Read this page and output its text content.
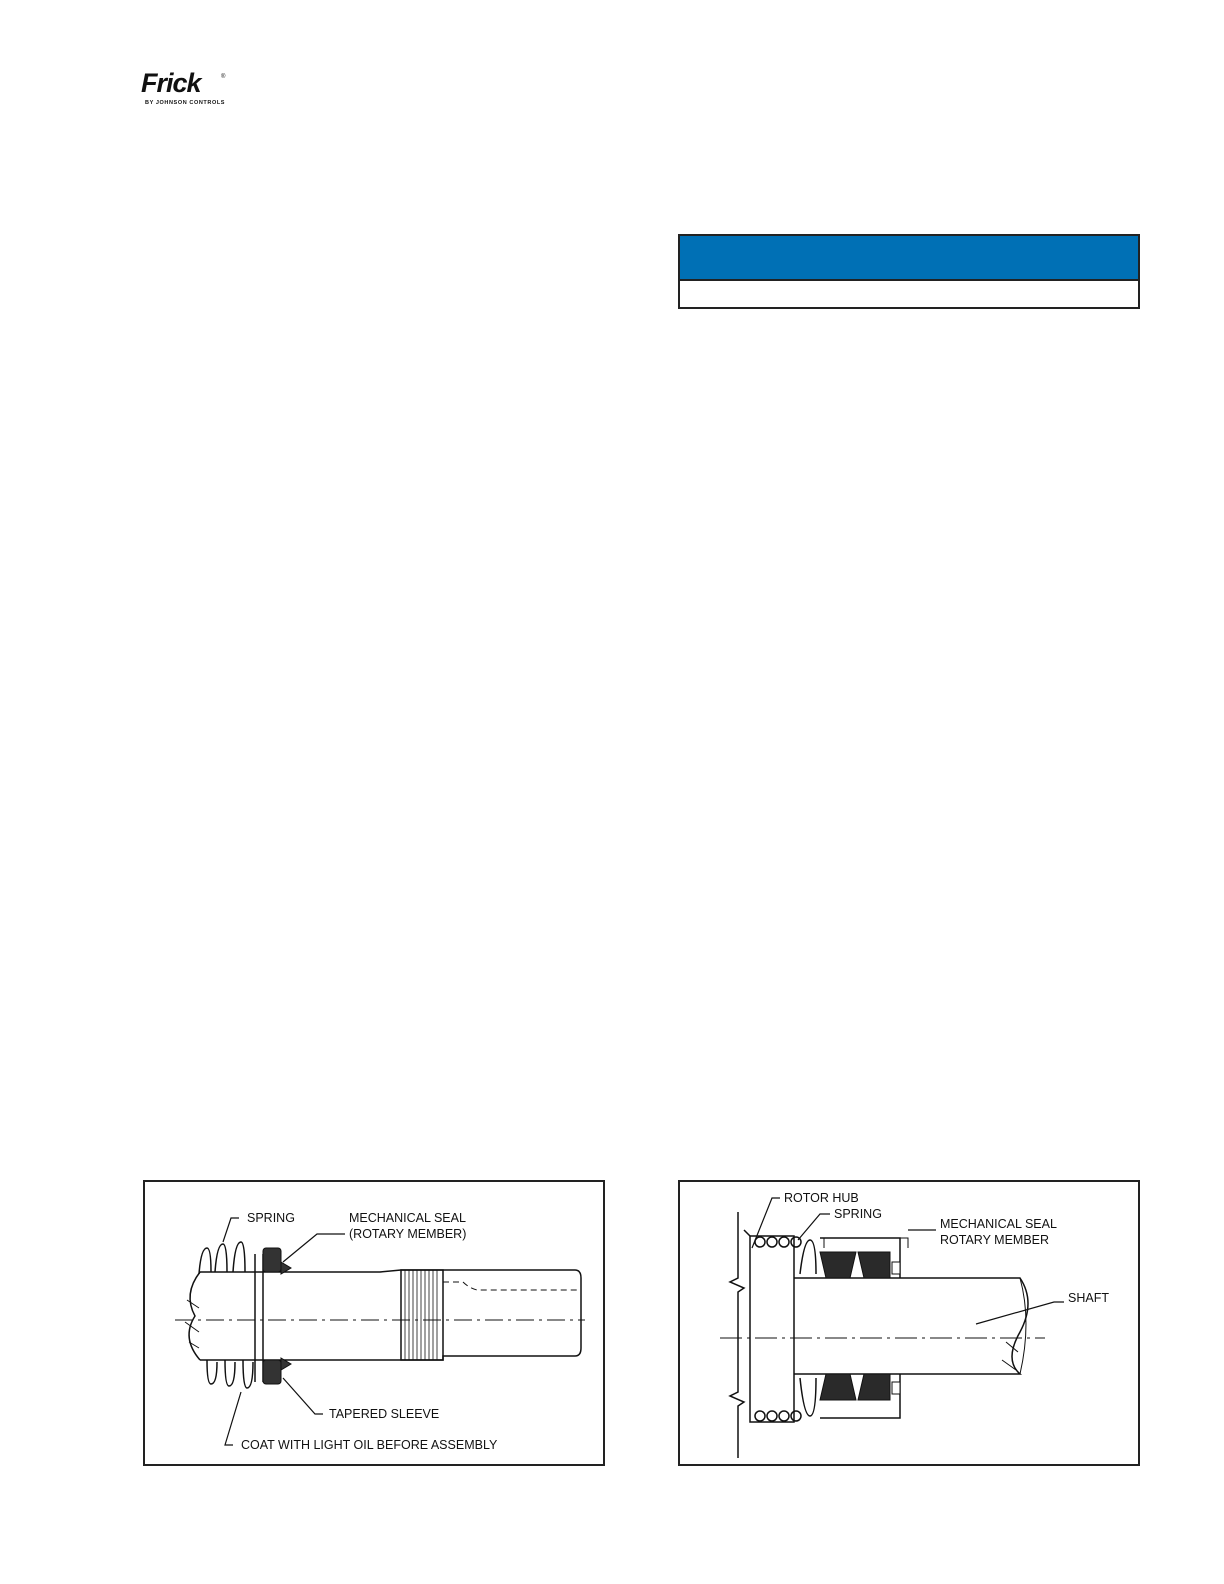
Frick	®
BY JOHNSON CONTROLS
SPRING	MECHANICAL SEAL
(ROTARY MEMBER)
TAPERED SLEEVE
COAT WITH LIGHT OIL BEFORE ASSEMBLY
ROTOR HUB
SPRING
MECHANICAL SEAL
ROTARY MEMBER
SHAFT
